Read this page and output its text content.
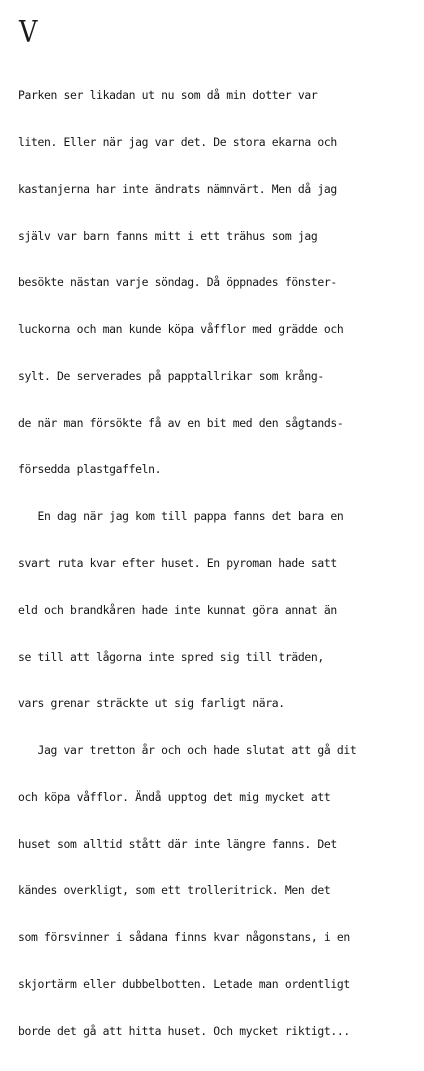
V

Parken ser likadan ut nu som då min dotter var

liten. Eller när jag var det. De stora ekarna och

kastanjerna har inte ändrats nämnvärt. Men då jag

själv var barn fanns mitt i ett trähus som jag

besökte nästan varje söndag. Då öppnades fönster-

luckorna och man kunde köpa våfflor med grädde och

sylt. De serverades på papptallrikar som krång-

de när man försökte få av en bit med den sågtands-

försedda plastgaffeln.

En dag när jag kom till pappa fanns det bara en

svart ruta kvar efter huset. En pyroman hade satt

eld och brandkåren hade inte kunnat göra annat än

se till att lågorna inte spred sig till träden,

vars grenar sträckte ut sig farligt nära.

Jag var tretton år och och hade slutat att gå dit

och köpa våfflor. Ändå upptog det mig mycket att

huset som alltid stått där inte längre fanns. Det

kändes overkligt, som ett trolleritrick. Men det

som försvinner i sådana finns kvar någonstans, i en

skjortärm eller dubbelbotten. Letade man ordentligt

borde det gå att hitta huset. Och mycket riktigt...
